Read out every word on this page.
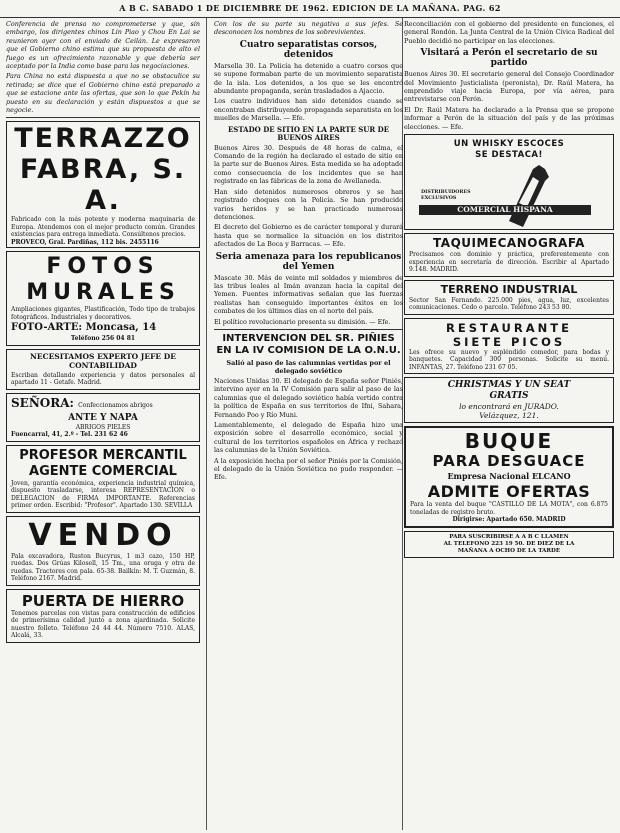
A B C. SABADO 1 DE DICIEMBRE DE 1962. EDICION DE LA MAÑANA. PAG. 62

Conferencia de prensa no comprometerse y que, sin embargo, los dirigentes chinos Lin Piao y Chou En Lai se reunieron ayer con el enviado de Ceilán. Le expresaron que el Gobierno chino estima que su propuesta de alto el fuego es un ofrecimiento razonable y que debería ser aceptado por la India como base para las negociaciones.

Para China no está dispuesta a que no se obstaculice su retirada; se dice que el Gobierno chino está preparado a que se estacione ante las ofertas, que son lo que Pekín ha puesto en su declaración y están dispuestos a que se negocie.

TERRAZZO
FABRA, S. A.

Fabricado con la más potente y moderna maquinaria de Europa. Atendemos con el mejor producto común. Grandes existencias para entrega inmediata. Consúltenos precios.

PROVECO, Gral. Pardiñas, 112 bis. 2455116

FOTOS
MURALES

Ampliaciones gigantes, Plastificación, Todo tipo de trabajos fotográficos. Industriales y decorativos.

FOTO-ARTE: Moncasa, 14

Teléfono 256 04 81

NECESITAMOS EXPERTO JEFE DE CONTABILIDAD

Escriban detallando experiencia y datos personales al apartado 11 - Getafe. Madrid.

SEÑORA: Confeccionamos abrigos

ANTE Y NAPA

ABRIGOS PIELES

Fuencarral, 41, 2.º - Tel. 231 62 46

PROFESOR MERCANTIL
AGENTE COMERCIAL

Joven, garantía económica, experiencia industrial química, dispuesto trasladarse, interesa REPRESENTACION o DELEGACION de FIRMA IMPORTANTE. Referencias primer orden. Escribid: "Profesor". Apartado 130. SEVILLA

VENDO

Pala excavadora, Ruston Bucyrus, 1 m3 cazo, 150 HP, ruedas. Dos Grúas Kilosell, 15 Tm., una oruga y otra de ruedas. Tractores con pala. 65-38. Bailkín: M. T. Guzmán, 8. Teléfono 2167. Madrid.

PUERTA DE HIERRO

Tenemos parcelas con vistas para construcción de edificios de primerísima calidad junto a zona ajardinada. Solicite nuestro folleto. Teléfono 24 44 44. Número 7510. ALAS, Alcalá, 33.

Con los de su parte su negativa a sus jefes. Se desconocen los nombres de los sobrevivientes.

Cuatro separatistas corsos, detenidos

Marsella 30. La Policía ha detenido a cuatro corsos que se supone formaban parte de un movimiento separatista de la isla. Los detenidos, a los que se les encontró abundante propaganda, serán trasladados a Ajaccio.

Los cuatro individuos han sido detenidos cuando se encontraban distribuyendo propaganda separatista en los muelles de Marsella. — Efe.

ESTADO DE SITIO EN LA PARTE SUR DE BUENOS AIRES

Buenos Aires 30. Después de 48 horas de calma, el Comando de la región ha declarado el estado de sitio en la parte sur de Buenos Aires. Esta medida se ha adoptado como consecuencia de los incidentes que se han registrado en las fábricas de la zona de Avellaneda.

Han sido detenidos numerosos obreros y se han registrado choques con la Policía. Se han producido varios heridos y se han practicado numerosas detenciones.

El decreto del Gobierno es de carácter temporal y durará hasta que se normalice la situación en los distritos afectados de La Boca y Barracas. — Efe.

Seria amenaza para los republicanos del Yemen

Mascate 30. Más de veinte mil soldados y miembros de las tribus leales al Imán avanzan hacia la capital del Yemen. Fuentes informativas señalan que las fuerzas realistas han conseguido importantes éxitos en los combates de los últimos días en el norte del país.

El político revolucionario presenta su dimisión. — Efe.

INTERVENCION DEL SR. PIÑIES EN LA IV COMISION DE LA O.N.U.

Salió al paso de las calumnias vertidas por el delegado soviético

Naciones Unidas 30. El delegado de España señor Piniés, intervino ayer en la IV Comisión para salir al paso de las calumnias que el delegado soviético había vertido contra la política de España en sus territorios de Ifni, Sahara, Fernando Poo y Río Muni.

Lamentablemente, el delegado de España hizo una exposición sobre el desarrollo económico, social y cultural de los territorios españoles en África y rechazó las calumnias de la Unión Soviética.

A la exposición hecha por el señor Piniés por la Comisión, el delegado de la Unión Soviética no pudo responder. — Efe.

Reconciliación con el gobierno del presidente en funciones, el general Rondón. La Junta Central de la Unión Cívica Radical del Pueblo decidió no participar en las elecciones.

Visitará a Perón el secretario de su partido

Buenos Aires 30. El secretario general del Consejo Coordinador del Movimiento Justicialista (peronista), Dr. Raúl Matera, ha emprendido viaje hacia Europa, por vía aérea, para entrevistarse con Perón.

El Dr. Raúl Matera ha declarado a la Prensa que se propone informar a Perón de la situación del país y de las próximas elecciones. — Efe.

UN WHISKY ESCOCES
SE DESTACA!
DISTRIBUIDORES EXCLUSIVOS
COMERCIAL HISPANA
TAQUIMECANOGRAFA

Precisamos con dominio y práctica, preferentemente con experiencia en secretaría de dirección. Escribir al Apartado 9.148. MADRID.

TERRENO INDUSTRIAL

Sector San Fernando. 225.000 pies, agua, luz, excelentes comunicaciones. Cedo o parcelo. Teléfono 243 53 80.

RESTAURANTE
SIETE PICOS

Les ofrece su nuevo y espléndido comedor, para bodas y banquetes. Capacidad 300 personas. Solicite su menú. INFANTAS, 27. Teléfono 231 67 05.

CHRISTMAS Y UN SEAT

GRATIS

lo encontrará en JURADO.

Velázquez, 121.

BUQUE
PARA DESGUACE

Empresa Nacional ELCANO

ADMITE OFERTAS

Para la venta del buque "CASTILLO DE LA MOTA", con 6.875 toneladas de registro bruto.

Dirigirse: Apartado 650. MADRID

PARA SUSCRIBIRSE A A B C LLAMEN
AL TELEFONO 223 19 50. DE DIEZ DE LA
MAÑANA A OCHO DE LA TARDE
